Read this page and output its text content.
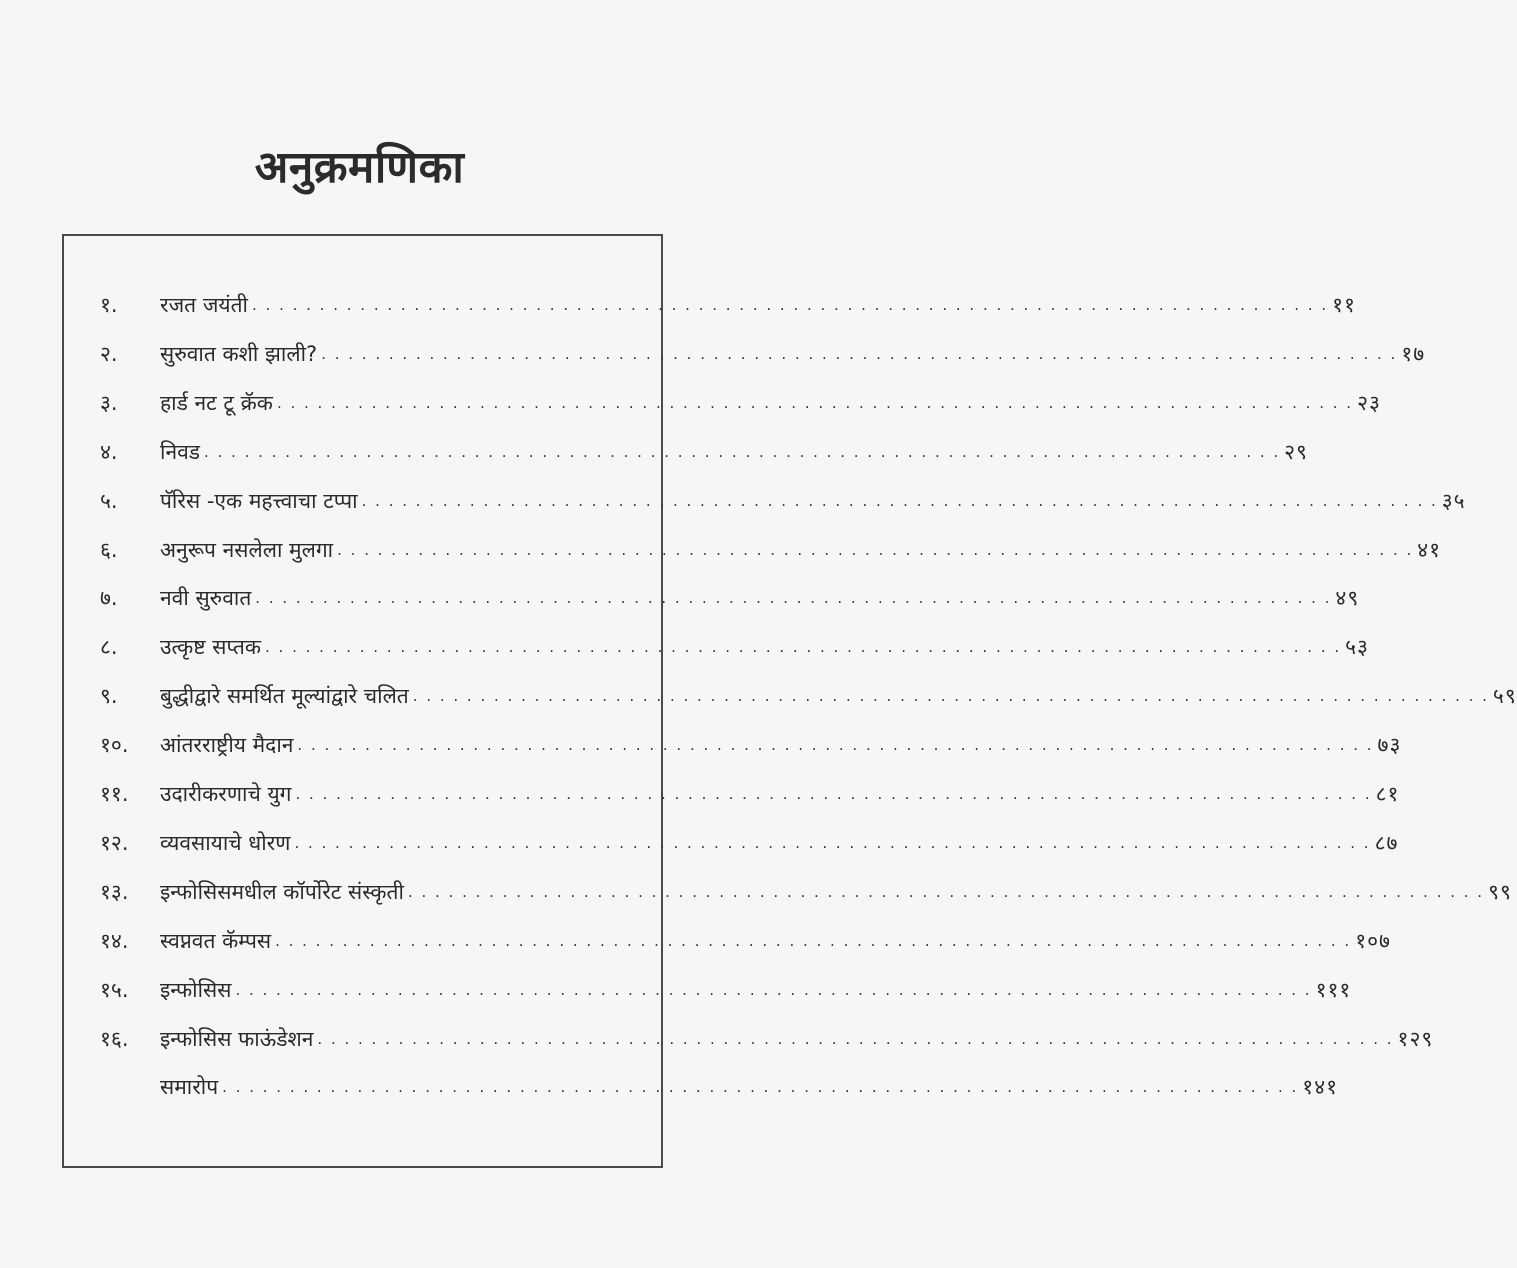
अनुक्रमणिका
१.	रजत जयंती . . . . . . . . . . . . . . . . . . . . . . . . . . . . . . . . . . . . . . . . . . . . . . . . . . . . . . . . . . . . . . . . . . . . . . . . . . . . . . . . ११
२.	सुरुवात कशी झाली? . . . . . . . . . . . . . . . . . . . . . . . . . . . . . . . . . . . . . . . . . . . . . . . . . . . . . . . . . . . . . . . . . . . . . . . . . . . . . . . . १७
३.	हार्ड नट टू क्रॅक . . . . . . . . . . . . . . . . . . . . . . . . . . . . . . . . . . . . . . . . . . . . . . . . . . . . . . . . . . . . . . . . . . . . . . . . . . . . . . . . २३
४.	निवड . . . . . . . . . . . . . . . . . . . . . . . . . . . . . . . . . . . . . . . . . . . . . . . . . . . . . . . . . . . . . . . . . . . . . . . . . . . . . . . . २९
५.	पॅरिस -एक महत्त्वाचा टप्पा . . . . . . . . . . . . . . . . . . . . . . . . . . . . . . . . . . . . . . . . . . . . . . . . . . . . . . . . . . . . . . . . . . . . . . . . . . . . . . . . ३५
६.	अनुरूप नसलेला मुलगा . . . . . . . . . . . . . . . . . . . . . . . . . . . . . . . . . . . . . . . . . . . . . . . . . . . . . . . . . . . . . . . . . . . . . . . . . . . . . . . . ४१
७.	नवी सुरुवात . . . . . . . . . . . . . . . . . . . . . . . . . . . . . . . . . . . . . . . . . . . . . . . . . . . . . . . . . . . . . . . . . . . . . . . . . . . . . . . . ४९
८.	उत्कृष्ट सप्तक . . . . . . . . . . . . . . . . . . . . . . . . . . . . . . . . . . . . . . . . . . . . . . . . . . . . . . . . . . . . . . . . . . . . . . . . . . . . . . . . ५३
९.	बुद्धीद्वारे समर्थित मूल्यांद्वारे चलित . . . . . . . . . . . . . . . . . . . . . . . . . . . . . . . . . . . . . . . . . . . . . . . . . . . . . . . . . . . . . . . . . . . . . . . . . . . . . . . . ५९
१०.	आंतरराष्ट्रीय मैदान . . . . . . . . . . . . . . . . . . . . . . . . . . . . . . . . . . . . . . . . . . . . . . . . . . . . . . . . . . . . . . . . . . . . . . . . . . . . . . . . ७३
११.	उदारीकरणाचे युग . . . . . . . . . . . . . . . . . . . . . . . . . . . . . . . . . . . . . . . . . . . . . . . . . . . . . . . . . . . . . . . . . . . . . . . . . . . . . . . . ८१
१२.	व्यवसायाचे धोरण . . . . . . . . . . . . . . . . . . . . . . . . . . . . . . . . . . . . . . . . . . . . . . . . . . . . . . . . . . . . . . . . . . . . . . . . . . . . . . . . ८७
१३.	इन्फोसिसमधील कॉर्पोरेट संस्कृती . . . . . . . . . . . . . . . . . . . . . . . . . . . . . . . . . . . . . . . . . . . . . . . . . . . . . . . . . . . . . . . . . . . . . . . . . . . . . . . . ९९
१४.	स्वप्नवत कॅम्पस . . . . . . . . . . . . . . . . . . . . . . . . . . . . . . . . . . . . . . . . . . . . . . . . . . . . . . . . . . . . . . . . . . . . . . . . . . . . . . . . १०७
१५.	इन्फोसिस . . . . . . . . . . . . . . . . . . . . . . . . . . . . . . . . . . . . . . . . . . . . . . . . . . . . . . . . . . . . . . . . . . . . . . . . . . . . . . . . १११
१६.	इन्फोसिस फाऊंडेशन . . . . . . . . . . . . . . . . . . . . . . . . . . . . . . . . . . . . . . . . . . . . . . . . . . . . . . . . . . . . . . . . . . . . . . . . . . . . . . . . १२९
समारोप . . . . . . . . . . . . . . . . . . . . . . . . . . . . . . . . . . . . . . . . . . . . . . . . . . . . . . . . . . . . . . . . . . . . . . . . . . . . . . . . १४१
